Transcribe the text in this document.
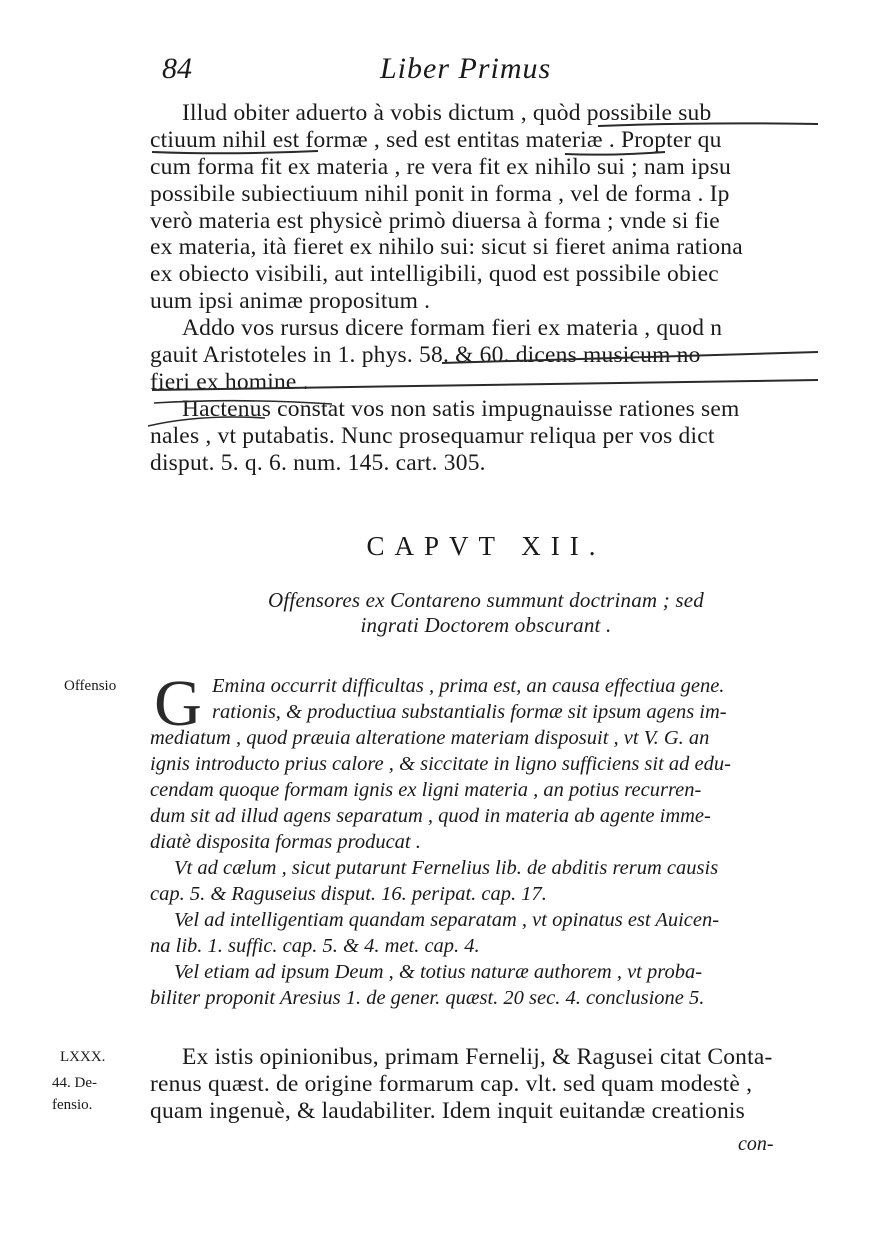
84	Liber Primus
Illud obiter aduerto à vobis dictum , quòd possibile sub
ctiuum nihil est formæ , sed est entitas materiæ . Propter qu
cum forma fit ex materia , re vera fit ex nihilo sui ; nam ipsu
possibile subiectiuum nihil ponit in forma , vel de forma . Ip
verò materia est physicè primò diuersa à forma ; vnde si fie
ex materia, ità fieret ex nihilo sui: sicut si fieret anima rationa
ex obiecto visibili, aut intelligibili, quod est possibile obiec
uum ipsi animæ propositum .
Addo vos rursus dicere formam fieri ex materia , quod n
gauit Aristoteles in 1. phys. 58. & 60. dicens musicum no
fieri ex homine .
Hactenus constat vos non satis impugnauisse rationes sem
nales , vt putabatis. Nunc prosequamur reliqua per vos dict
disput. 5. q. 6. num. 145. cart. 305.
CAPVT XII.
Offensores ex Contareno summunt doctrinam ; sed
ingrati Doctorem obscurant .
Offensio G Emina occurrit difficultas , prima est, an causa effectiua gene.
rationis, & productiua substantialis formæ sit ipsum agens im-
mediatum , quod præuia alteratione materiam disposuit , vt V. G. an
ignis introducto prius calore , & siccitate in ligno sufficiens sit ad edu-
cendam quoque formam ignis ex ligni materia , an potius recurren-
dum sit ad illud agens separatum , quod in materia ab agente imme-
diatè disposita formas producat .
Vt ad cælum , sicut putarunt Fernelius lib. de abditis rerum causis
cap. 5. & Raguseius disput. 16. peripat. cap. 17.
Vel ad intelligentiam quandam separatam , vt opinatus est Auicen-
na lib. 1. suffic. cap. 5. & 4. met. cap. 4.
Vel etiam ad ipsum Deum , & totius naturæ authorem , vt proba-
biliter proponit Aresius 1. de gener. quæst. 20 sec. 4. conclusione 5.
LXXX.
44. De-
fensio.
Ex istis opinionibus, primam Fernelij, & Ragusei citat Conta-
renus quæst. de origine formarum cap. vlt. sed quam modestè ,
quam ingenuè, & laudabiliter. Idem inquit euitandæ creationis
con-
